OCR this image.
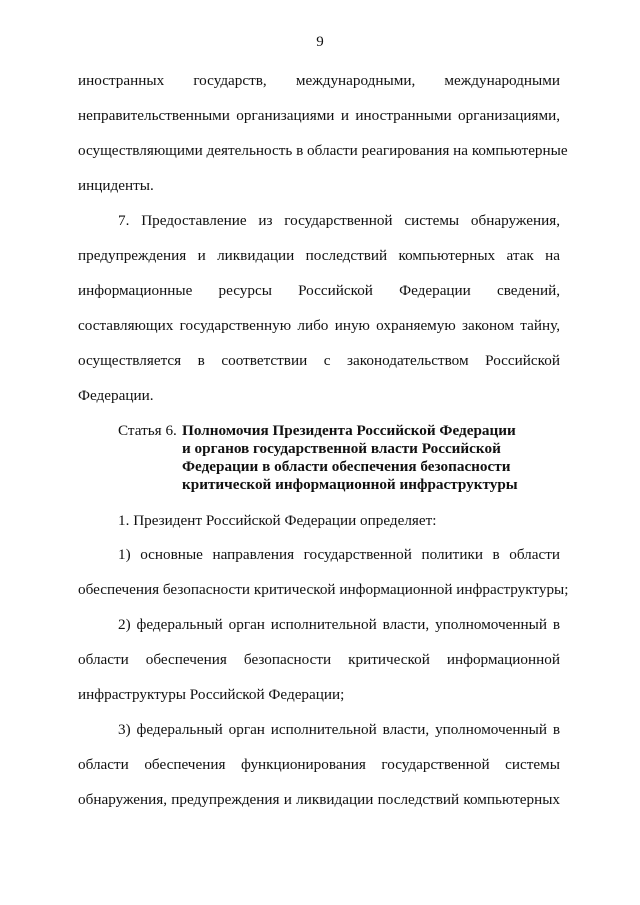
9
иностранных государств, международными, международными
неправительственными организациями и иностранными организациями,
осуществляющими деятельность в области реагирования на компьютерные
инциденты.
7. Предоставление из государственной системы обнаружения,
предупреждения и ликвидации последствий компьютерных атак на
информационные ресурсы Российской Федерации сведений,
составляющих государственную либо иную охраняемую законом тайну,
осуществляется в соответствии с законодательством Российской
Федерации.
Статья 6. Полномочия Президента Российской Федерации
и органов государственной власти Российской
Федерации в области обеспечения безопасности
критической информационной инфраструктуры
1. Президент Российской Федерации определяет:
1) основные направления государственной политики в области
обеспечения безопасности критической информационной инфраструктуры;
2) федеральный орган исполнительной власти, уполномоченный в
области обеспечения безопасности критической информационной
инфраструктуры Российской Федерации;
3) федеральный орган исполнительной власти, уполномоченный в
области обеспечения функционирования государственной системы
обнаружения, предупреждения и ликвидации последствий компьютерных
